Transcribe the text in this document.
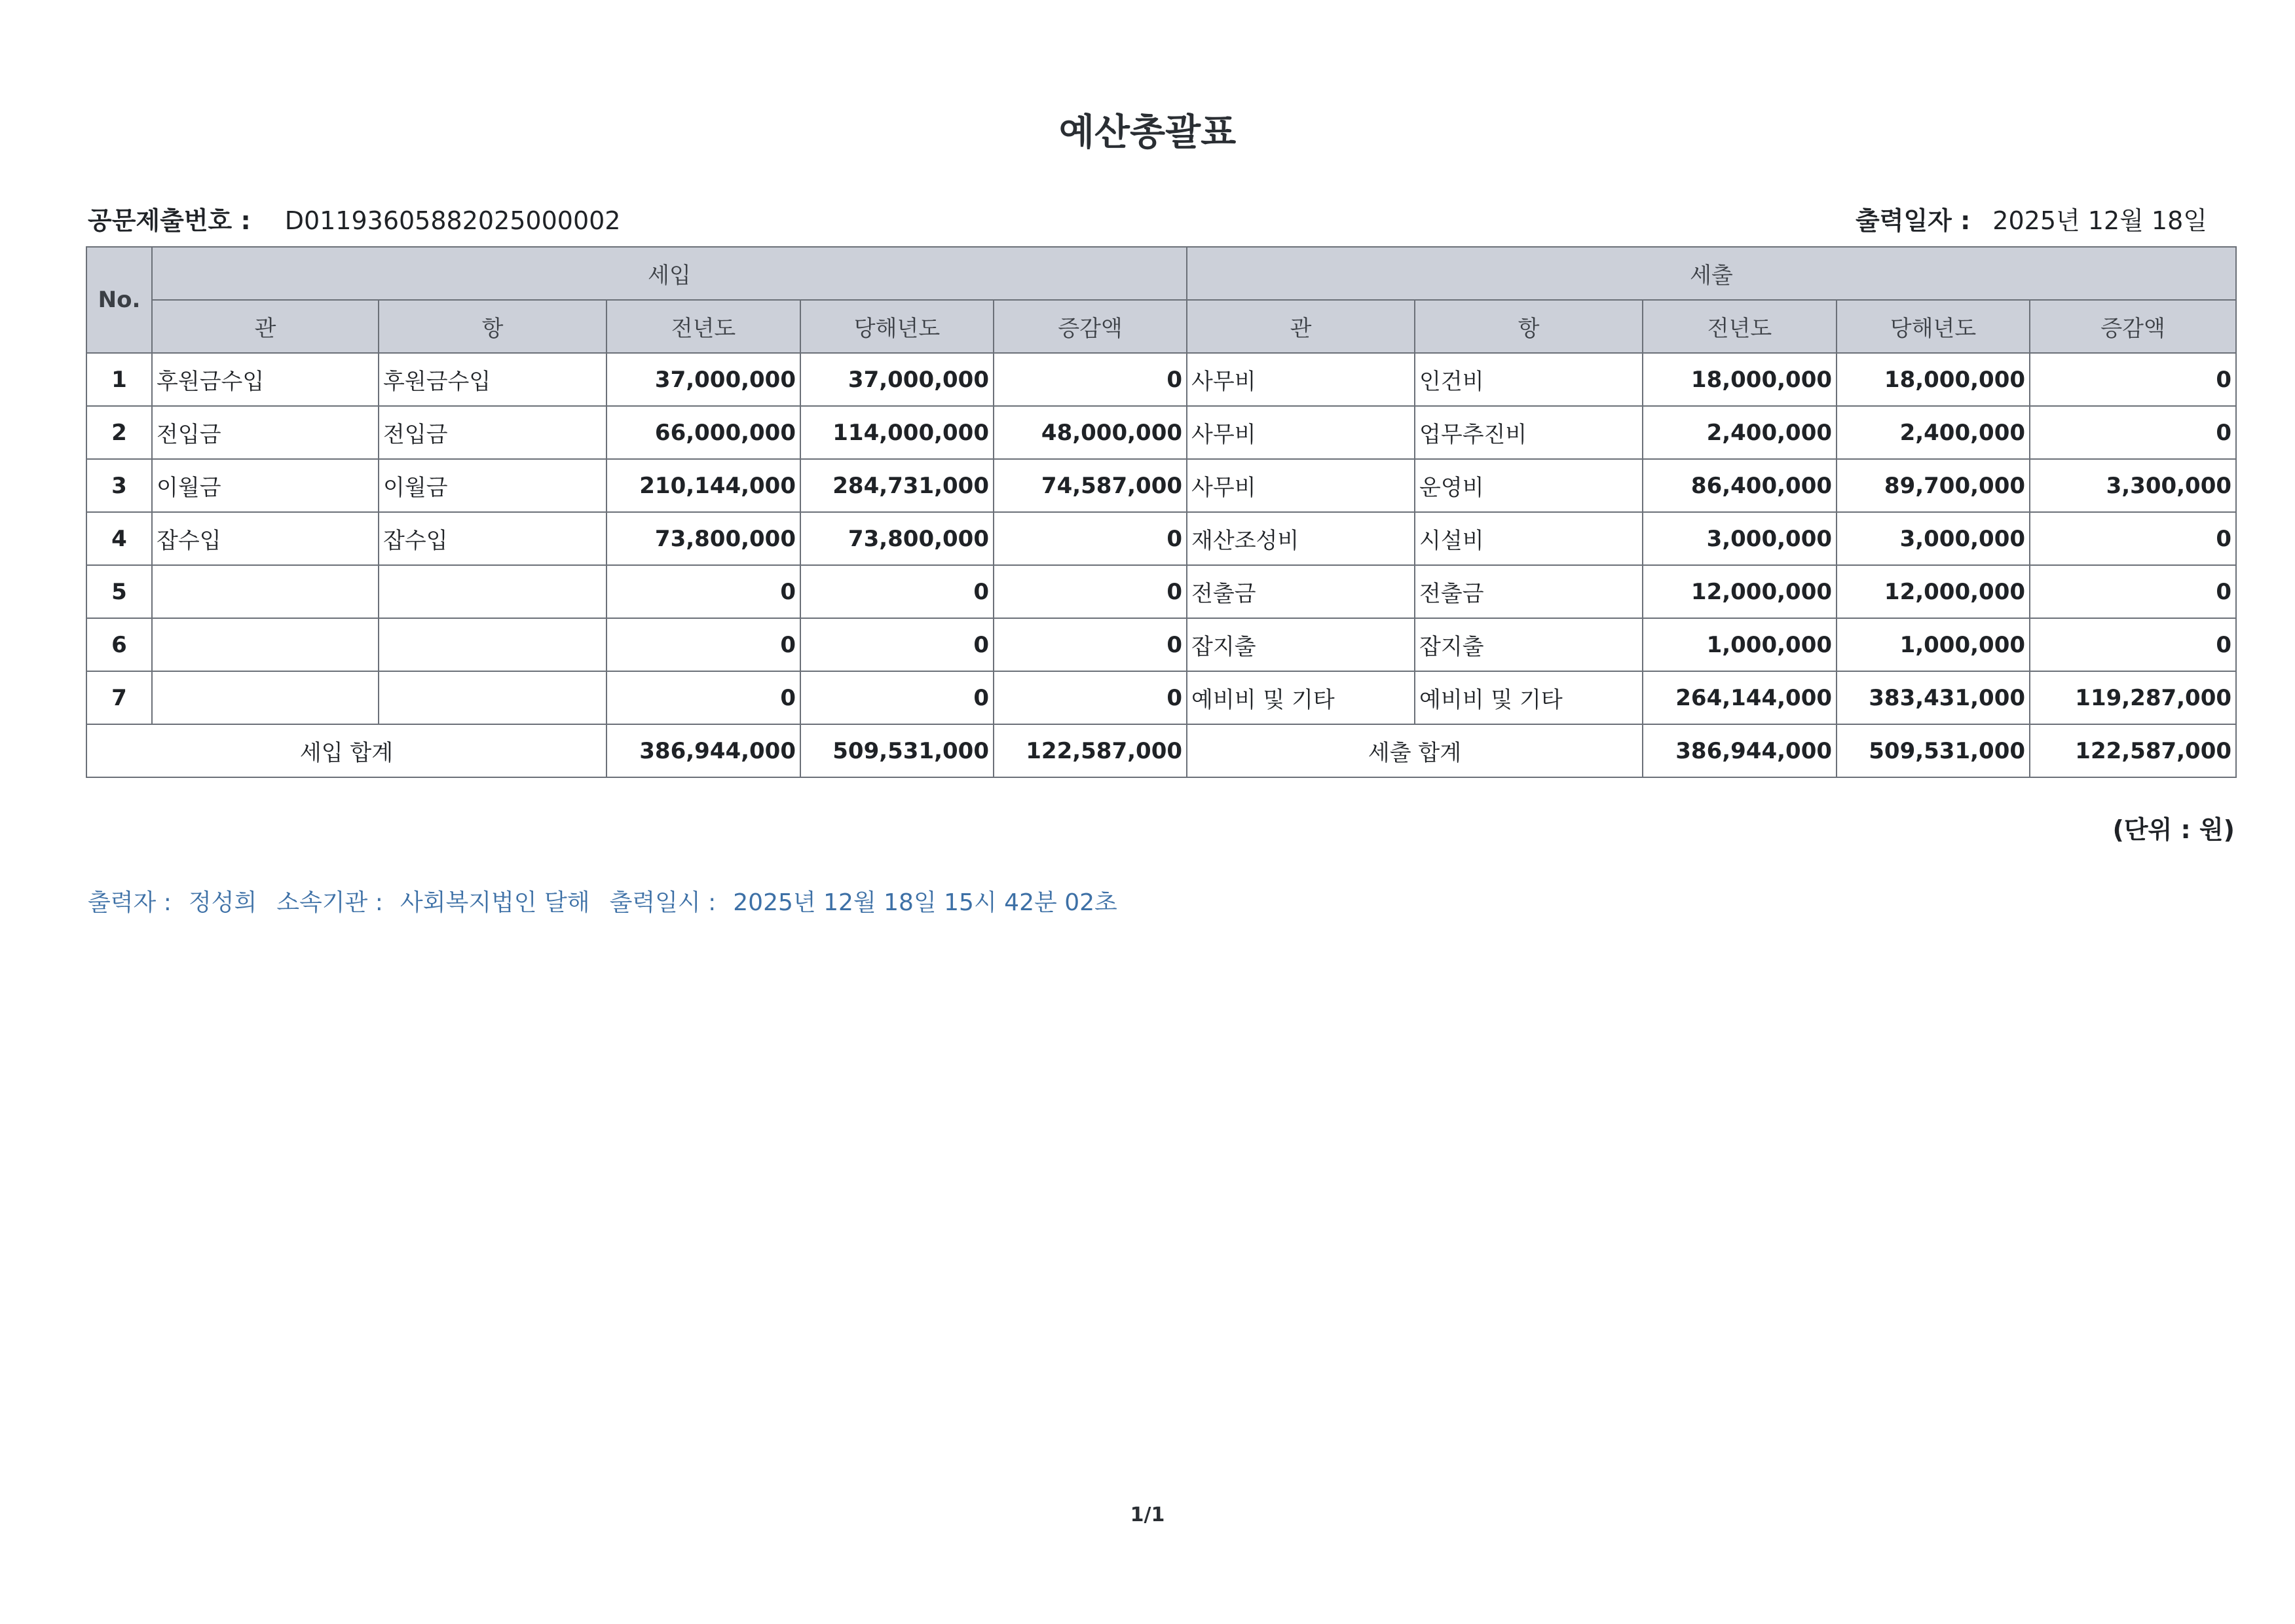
예산총괄표
공문제출번호 : D01193605882025000002	출력일자 : 2025년 12월 18일
No.	세입					세출				
	관	항	전년도	당해년도	증감액	관	항	전년도	당해년도	증감액
1	후원금수입	후원금수입	37,000,000	37,000,000	0	사무비	인건비	18,000,000	18,000,000	0
2	전입금	전입금	66,000,000	114,000,000	48,000,000	사무비	업무추진비	2,400,000	2,400,000	0
3	이월금	이월금	210,144,000	284,731,000	74,587,000	사무비	운영비	86,400,000	89,700,000	3,300,000
4	잡수입	잡수입	73,800,000	73,800,000	0	재산조성비	시설비	3,000,000	3,000,000	0
5			0	0	0	전출금	전출금	12,000,000	12,000,000	0
6			0	0	0	잡지출	잡지출	1,000,000	1,000,000	0
7			0	0	0	예비비 및 기타	예비비 및 기타	264,144,000	383,431,000	119,287,000
세입 합계			386,944,000	509,531,000	122,587,000	세출 합계		386,944,000	509,531,000	122,587,000
(단위 : 원)
출력자 : 정성희 소속기관 : 사회복지법인 달해 출력일시 : 2025년 12월 18일 15시 42분 02초
1/1
